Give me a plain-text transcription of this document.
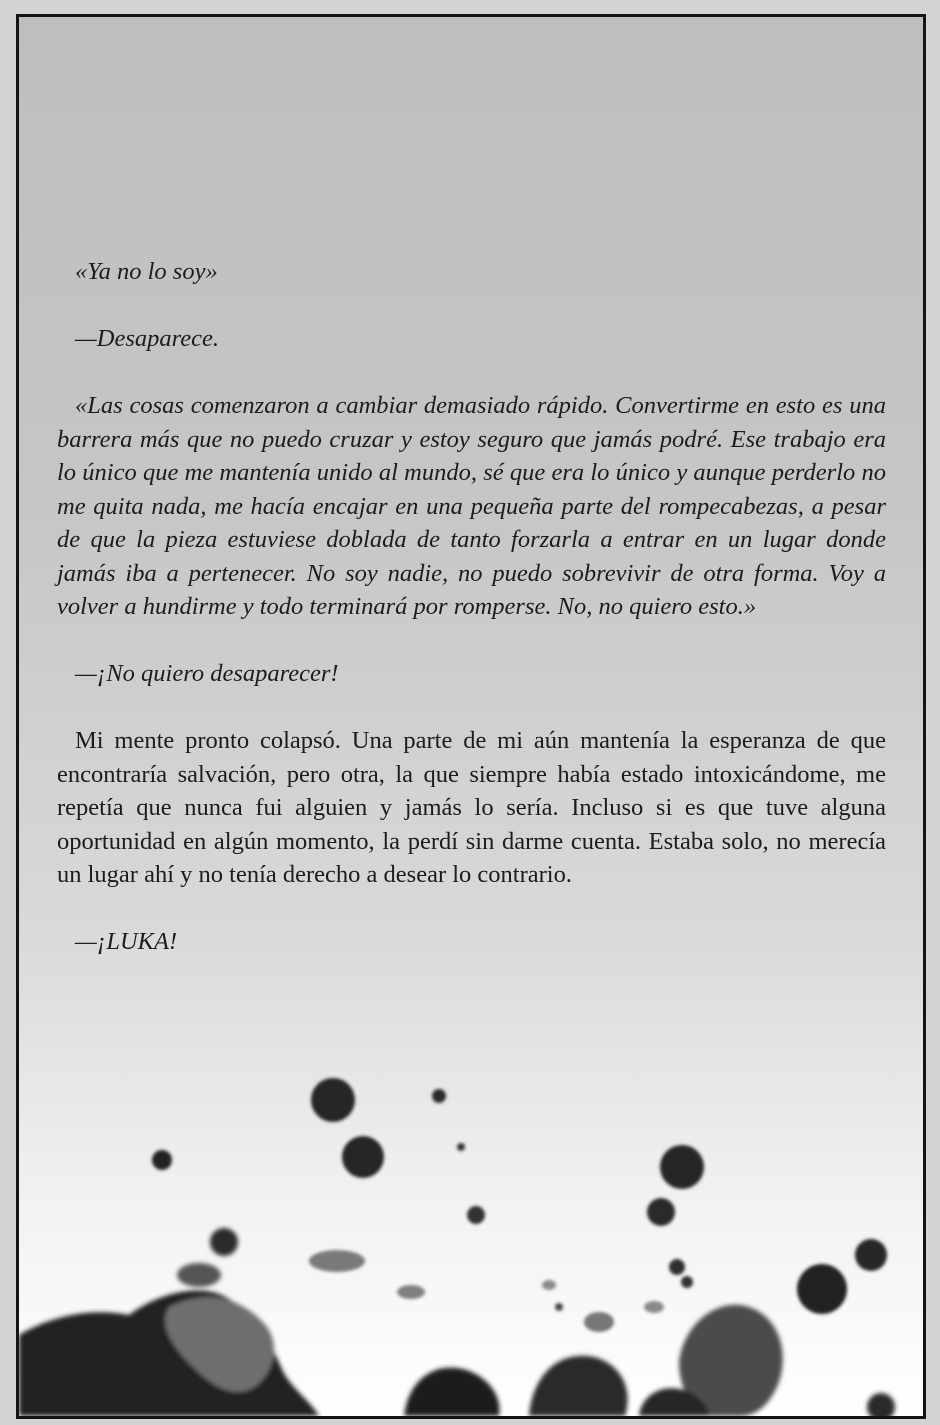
«Ya no lo soy»

—Desaparece.

«Las cosas comenzaron a cambiar demasiado rápido. Convertirme en esto es una barrera más que no puedo cruzar y estoy seguro que jamás podré. Ese trabajo era lo único que me mantenía unido al mundo, sé que era lo único y aunque perderlo no me quita nada, me hacía encajar en una pequeña parte del rompecabezas, a pesar de que la pieza estuviese doblada de tanto forzarla a entrar en un lugar donde jamás iba a pertenecer. No soy nadie, no puedo sobrevivir de otra forma. Voy a volver a hundirme y todo terminará por romperse. No, no quiero esto.»

—¡No quiero desaparecer!

Mi mente pronto colapsó. Una parte de mi aún mantenía la esperanza de que encontraría salvación, pero otra, la que siempre había estado intoxicándome, me repetía que nunca fui alguien y jamás lo sería. Incluso si es que tuve alguna oportunidad en algún momento, la perdí sin darme cuenta. Estaba solo, no merecía un lugar ahí y no tenía derecho a desear lo contrario.

—¡LUKA!
